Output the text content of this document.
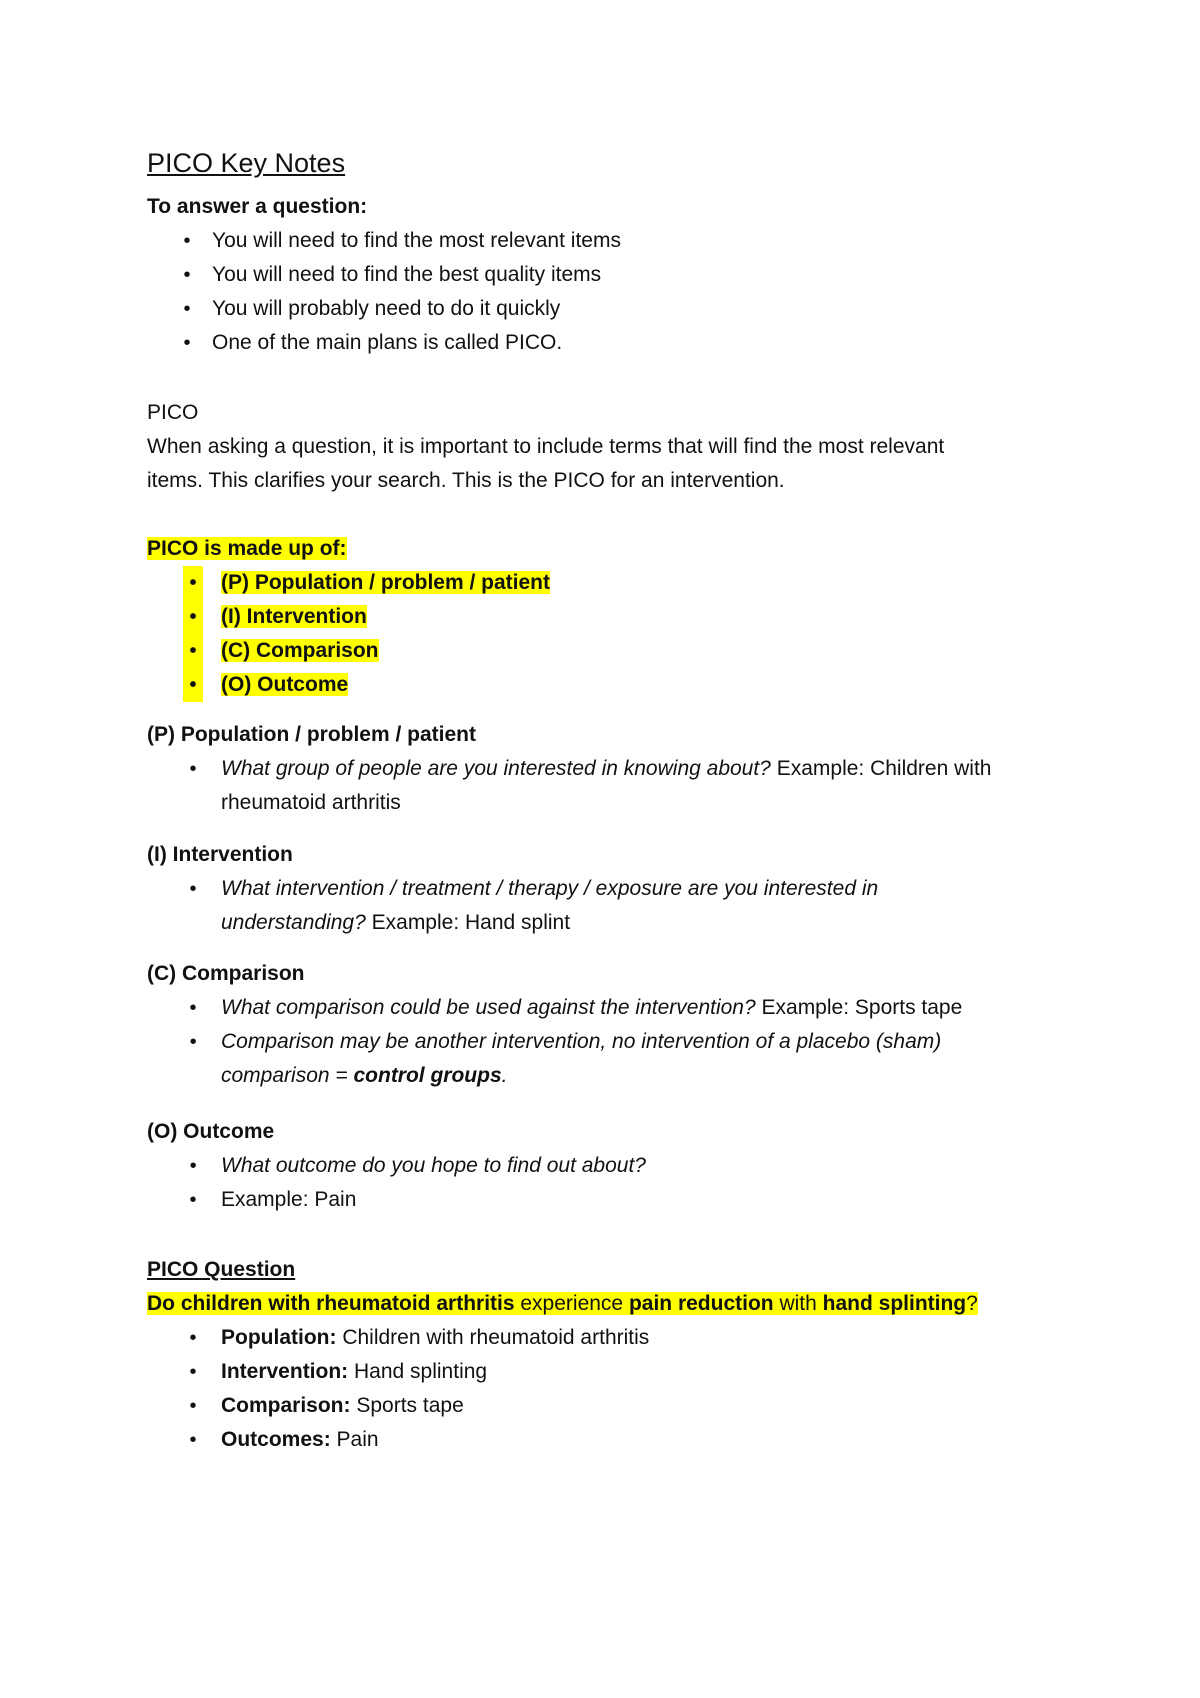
PICO Key Notes

To answer a question:

•	You will need to find the most relevant items
•	You will need to find the best quality items
•	You will probably need to do it quickly
•	One of the main plans is called PICO.

PICO

When asking a question, it is important to include terms that will find the most relevant

items. This clarifies your search. This is the PICO for an intervention.

PICO is made up of:

•	(P) Population / problem / patient
•	(I) Intervention
•	(C) Comparison
•	(O) Outcome

(P) Population / problem / patient

•	What group of people are you interested in knowing about? Example: Children with
rheumatoid arthritis

(I) Intervention

•	What intervention / treatment / therapy / exposure are you interested in
understanding? Example: Hand splint

(C) Comparison

•	What comparison could be used against the intervention? Example: Sports tape
•	Comparison may be another intervention, no intervention of a placebo (sham)
comparison = control groups.

(O) Outcome

•	What outcome do you hope to find out about?
•	Example: Pain

PICO Question

Do children with rheumatoid arthritis experience pain reduction with hand splinting?

•	Population: Children with rheumatoid arthritis
•	Intervention: Hand splinting
•	Comparison: Sports tape
•	Outcomes: Pain
